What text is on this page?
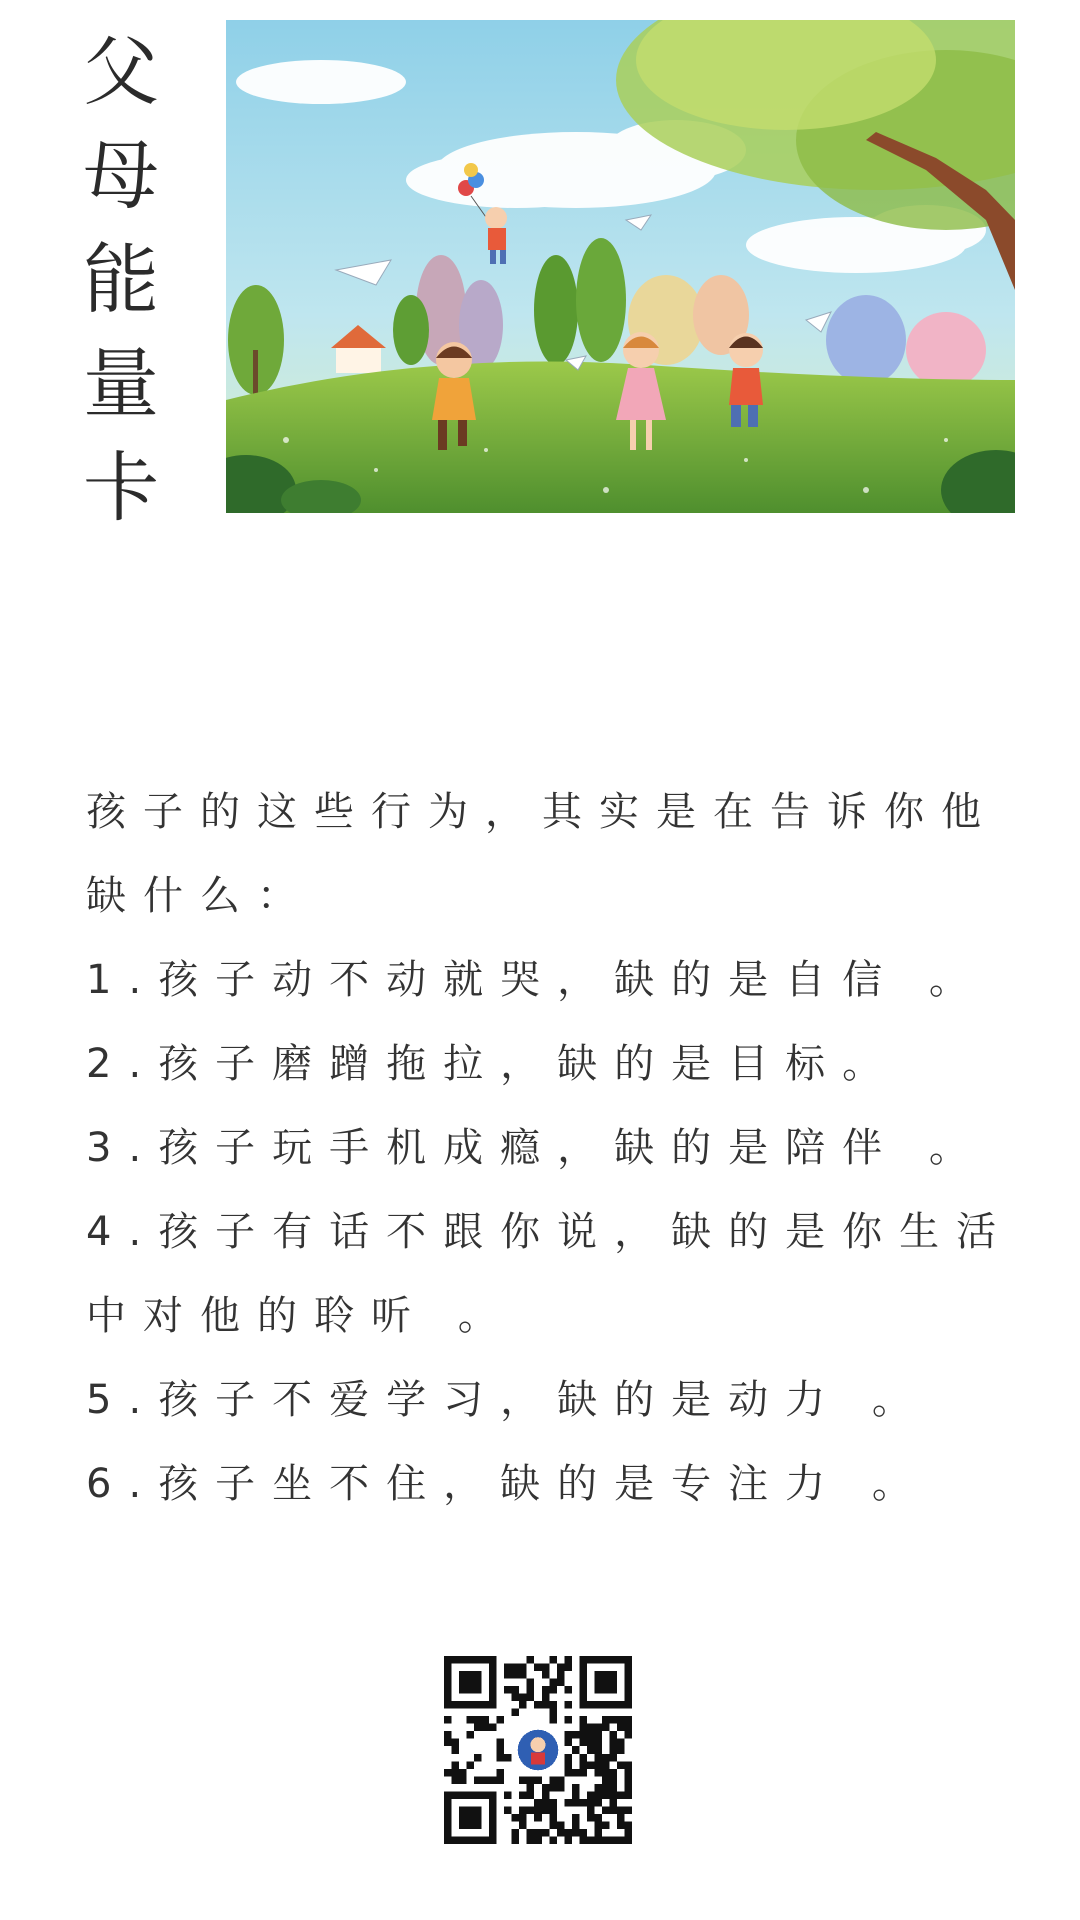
父
母
能
量
卡
孩子的这些行为，其实是在告诉你他
缺什么：
1.孩子动不动就哭，缺的是自信 。
2.孩子磨蹭拖拉，缺的是目标。
3.孩子玩手机成瘾，缺的是陪伴 。
4.孩子有话不跟你说，缺的是你生活
中对他的聆听 。
5.孩子不爱学习，缺的是动力 。
6.孩子坐不住，缺的是专注力 。
